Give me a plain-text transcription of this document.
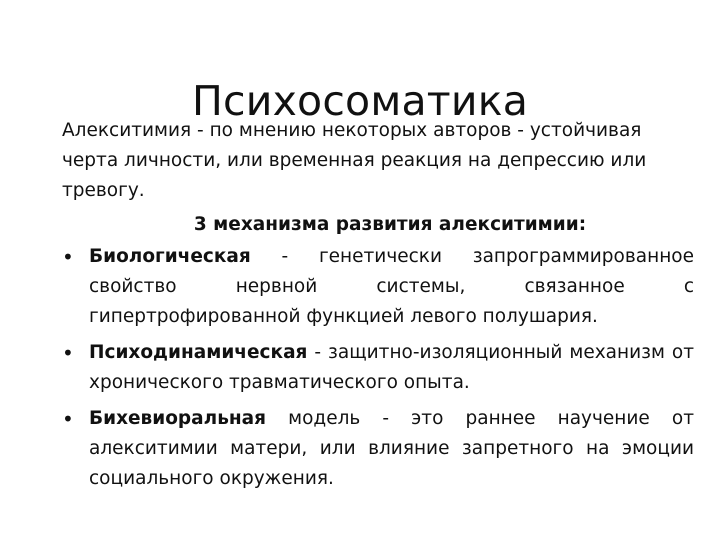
Психосоматика

Алекситимия - по мнению некоторых авторов - устойчивая черта личности, или временная реакция на депрессию или тревогу.

3 механизма развития алекситимии:
• Биологическая - генетически запрограммированное свойство нервной системы, связанное с гипертрофированной функцией левого полушария.
• Психодинамическая - защитно-изоляционный механизм от хронического травматического опыта.
• Бихевиоральная модель - это раннее научение от алекситимии матери, или влияние запретного на эмоции социального окружения.
